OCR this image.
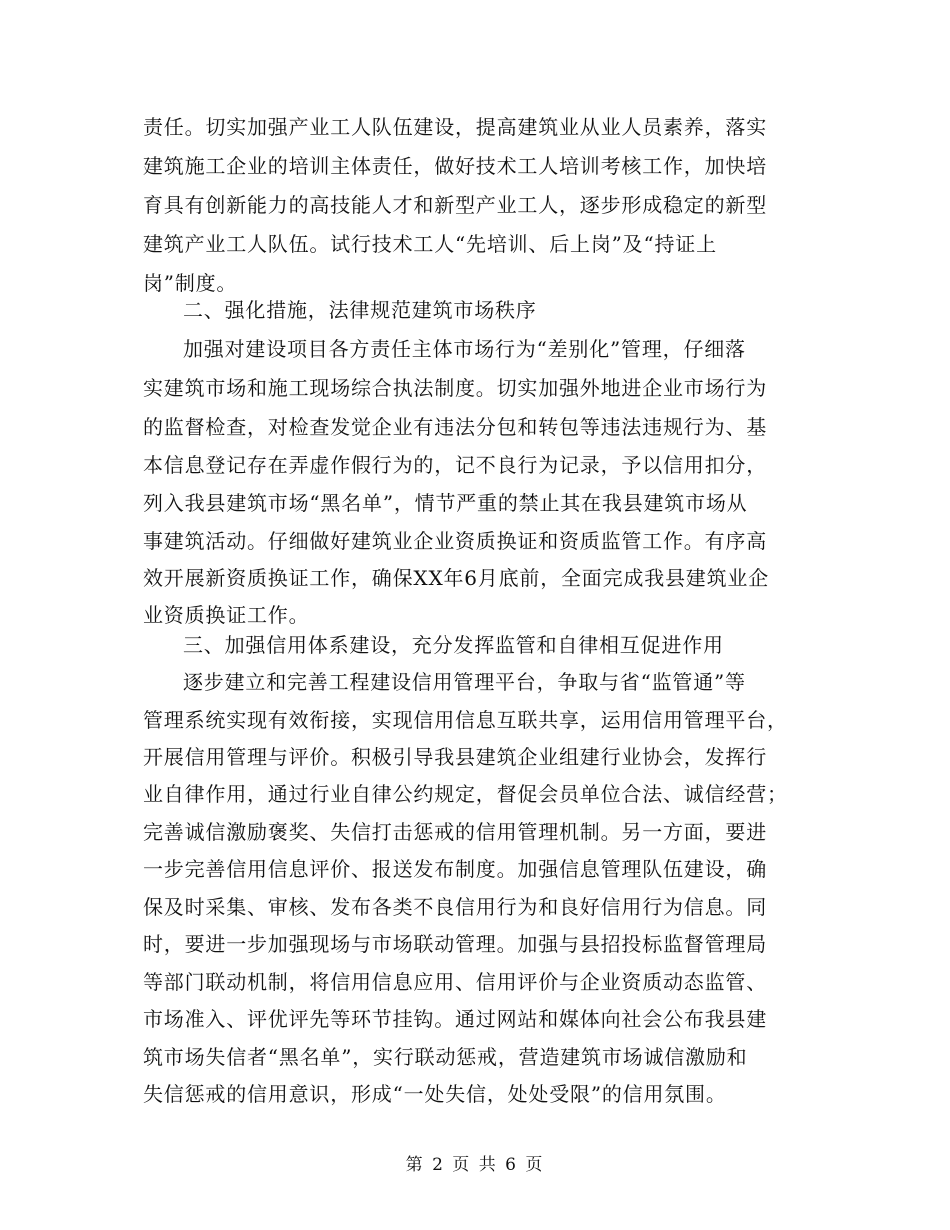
责任。切实加强产业工人队伍建设，提高建筑业从业人员素养，落实
建筑施工企业的培训主体责任，做好技术工人培训考核工作，加快培
育具有创新能力的高技能人才和新型产业工人，逐步形成稳定的新型
建筑产业工人队伍。试行技术工人“先培训、后上岗”及“持证上
岗”制度。
二、强化措施，法律规范建筑市场秩序
加强对建设项目各方责任主体市场行为“差别化”管理，仔细落
实建筑市场和施工现场综合执法制度。切实加强外地进企业市场行为
的监督检查，对检查发觉企业有违法分包和转包等违法违规行为、基
本信息登记存在弄虚作假行为的，记不良行为记录，予以信用扣分，
列入我县建筑市场“黑名单”，情节严重的禁止其在我县建筑市场从
事建筑活动。仔细做好建筑业企业资质换证和资质监管工作。有序高
效开展新资质换证工作，确保XX年6月底前，全面完成我县建筑业企
业资质换证工作。
三、加强信用体系建设，充分发挥监管和自律相互促进作用
逐步建立和完善工程建设信用管理平台，争取与省“监管通”等
管理系统实现有效衔接，实现信用信息互联共享，运用信用管理平台，
开展信用管理与评价。积极引导我县建筑企业组建行业协会，发挥行
业自律作用，通过行业自律公约规定，督促会员单位合法、诚信经营；
完善诚信激励褒奖、失信打击惩戒的信用管理机制。另一方面，要进
一步完善信用信息评价、报送发布制度。加强信息管理队伍建设，确
保及时采集、审核、发布各类不良信用行为和良好信用行为信息。同
时，要进一步加强现场与市场联动管理。加强与县招投标监督管理局
等部门联动机制，将信用信息应用、信用评价与企业资质动态监管、
市场准入、评优评先等环节挂钩。通过网站和媒体向社会公布我县建
筑市场失信者“黑名单”，实行联动惩戒，营造建筑市场诚信激励和
失信惩戒的信用意识，形成“一处失信，处处受限”的信用氛围。
第 2 页 共 6 页
